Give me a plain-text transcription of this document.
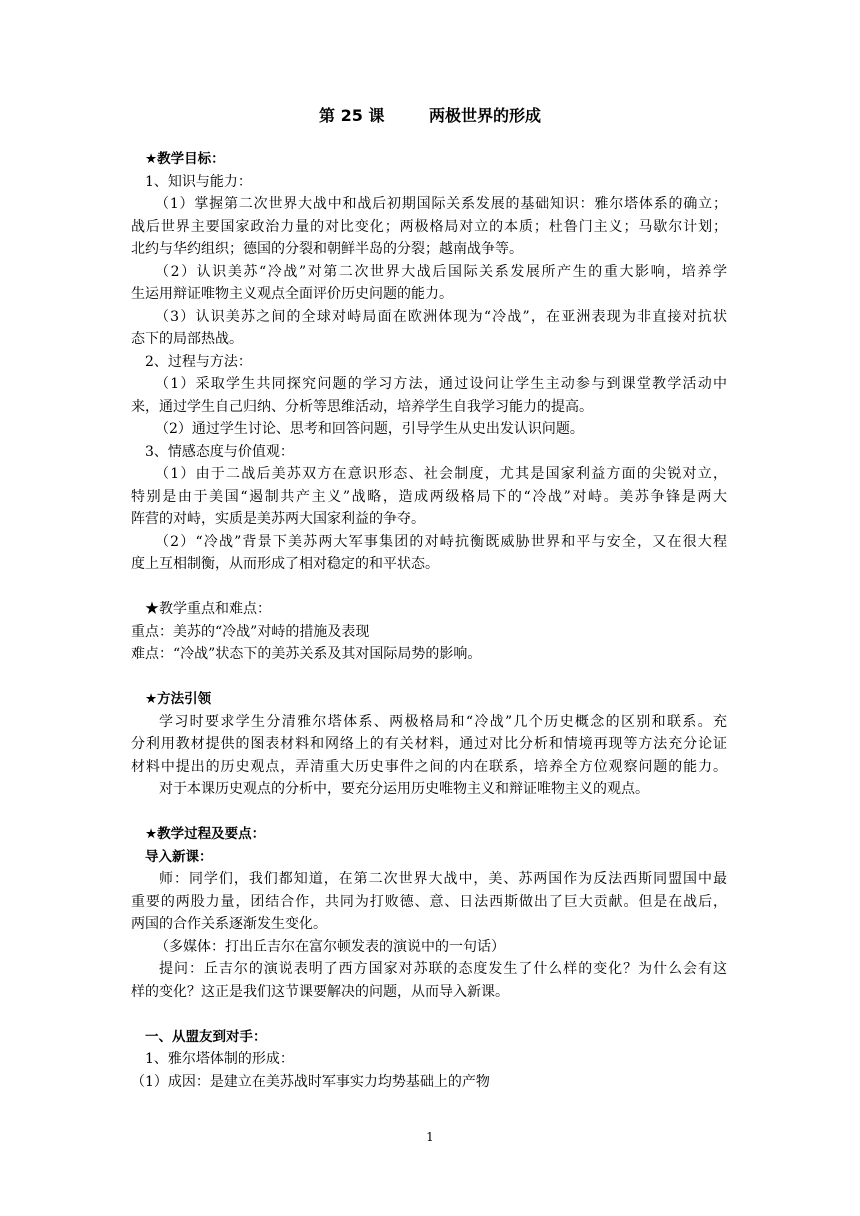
第 25 课        两极世界的形成
★教学目标：
1、知识与能力：
（1）掌握第二次世界大战中和战后初期国际关系发展的基础知识：雅尔塔体系的确立；
战后世界主要国家政治力量的对比变化；两极格局对立的本质；杜鲁门主义；马歇尔计划；
北约与华约组织；德国的分裂和朝鲜半岛的分裂；越南战争等。
（2）认识美苏“冷战”对第二次世界大战后国际关系发展所产生的重大影响，培养学
生运用辩证唯物主义观点全面评价历史问题的能力。
（3）认识美苏之间的全球对峙局面在欧洲体现为“冷战”，在亚洲表现为非直接对抗状
态下的局部热战。
2、过程与方法：
（1）采取学生共同探究问题的学习方法，通过设问让学生主动参与到课堂教学活动中
来，通过学生自己归纳、分析等思维活动，培养学生自我学习能力的提高。
（2）通过学生讨论、思考和回答问题，引导学生从史出发认识问题。
3、情感态度与价值观：
（1）由于二战后美苏双方在意识形态、社会制度，尤其是国家利益方面的尖锐对立，
特别是由于美国“遏制共产主义”战略，造成两级格局下的“冷战”对峙。美苏争锋是两大
阵营的对峙，实质是美苏两大国家利益的争夺。
（2）“冷战”背景下美苏两大军事集团的对峙抗衡既威胁世界和平与安全，又在很大程
度上互相制衡，从而形成了相对稳定的和平状态。
★教学重点和难点：
重点：美苏的“冷战”对峙的措施及表现
难点：“冷战”状态下的美苏关系及其对国际局势的影响。
★方法引领
学习时要求学生分清雅尔塔体系、两极格局和“冷战”几个历史概念的区别和联系。充
分利用教材提供的图表材料和网络上的有关材料，通过对比分析和情境再现等方法充分论证
材料中提出的历史观点，弄清重大历史事件之间的内在联系，培养全方位观察问题的能力。
对于本课历史观点的分析中，要充分运用历史唯物主义和辩证唯物主义的观点。
★教学过程及要点：
导入新课：
师：同学们，我们都知道，在第二次世界大战中，美、苏两国作为反法西斯同盟国中最
重要的两股力量，团结合作，共同为打败德、意、日法西斯做出了巨大贡献。但是在战后，
两国的合作关系逐渐发生变化。
（多媒体：打出丘吉尔在富尔顿发表的演说中的一句话）
提问：丘吉尔的演说表明了西方国家对苏联的态度发生了什么样的变化？为什么会有这
样的变化？这正是我们这节课要解决的问题，从而导入新课。
一、从盟友到对手：
1、雅尔塔体制的形成：
（1）成因：是建立在美苏战时军事实力均势基础上的产物
1
